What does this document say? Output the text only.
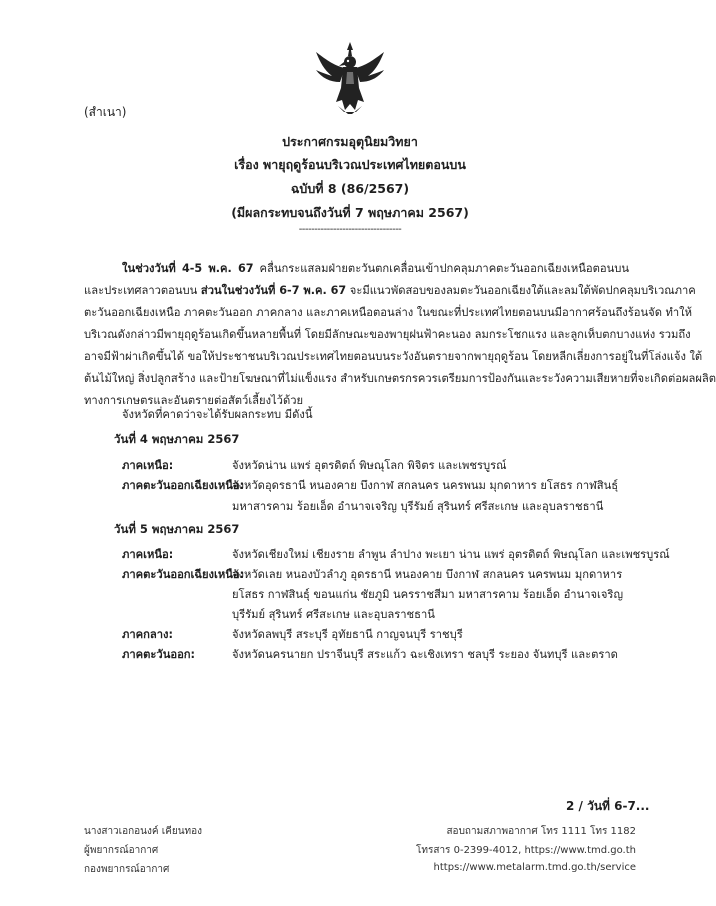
(สำเนา)
ประกาศกรมอุตุนิยมวิทยา
เรื่อง พายุฤดูร้อนบริเวณประเทศไทยตอนบน
ฉบับที่ 8 (86/2567)
(มีผลกระทบจนถึงวันที่ 7 พฤษภาคม 2567)
---------------------------------
ในช่วงวันที่ 4-5 พ.ค. 67 คลื่นกระแสลมฝ่ายตะวันตกเคลื่อนเข้าปกคลุมภาคตะวันออกเฉียงเหนือตอนบน
และประเทศลาวตอนบน ส่วนในช่วงวันที่ 6-7 พ.ค. 67 จะมีแนวพัดสอบของลมตะวันออกเฉียงใต้และลมใต้พัดปกคลุมบริเวณภาค
ตะวันออกเฉียงเหนือ ภาคตะวันออก ภาคกลาง และภาคเหนือตอนล่าง ในขณะที่ประเทศไทยตอนบนมีอากาศร้อนถึงร้อนจัด ทำให้
บริเวณดังกล่าวมีพายุฤดูร้อนเกิดขึ้นหลายพื้นที่ โดยมีลักษณะของพายุฝนฟ้าคะนอง ลมกระโชกแรง และลูกเห็บตกบางแห่ง รวมถึง
อาจมีฟ้าผ่าเกิดขึ้นได้ ขอให้ประชาชนบริเวณประเทศไทยตอนบนระวังอันตรายจากพายุฤดูร้อน โดยหลีกเลี่ยงการอยู่ในที่โล่งแจ้ง ใต้
ต้นไม้ใหญ่ สิ่งปลูกสร้าง และป้ายโฆษณาที่ไม่แข็งแรง สำหรับเกษตรกรควรเตรียมการป้องกันและระวังความเสียหายที่จะเกิดต่อผลผลิต
ทางการเกษตรและอันตรายต่อสัตว์เลี้ยงไว้ด้วย
จังหวัดที่คาดว่าจะได้รับผลกระทบ มีดังนี้
วันที่ 4 พฤษภาคม 2567
ภาคเหนือ:	จังหวัดน่าน แพร่ อุตรดิตถ์ พิษณุโลก พิจิตร และเพชรบูรณ์
ภาคตะวันออกเฉียงเหนือ:
จังหวัดอุดรธานี หนองคาย บึงกาฬ สกลนคร นครพนม มุกดาหาร ยโสธร กาฬสินธุ์
มหาสารคาม ร้อยเอ็ด อำนาจเจริญ บุรีรัมย์ สุรินทร์ ศรีสะเกษ และอุบลราชธานี
วันที่ 5 พฤษภาคม 2567
ภาคเหนือ:	จังหวัดเชียงใหม่ เชียงราย ลำพูน ลำปาง พะเยา น่าน แพร่ อุตรดิตถ์ พิษณุโลก และเพชรบูรณ์
ภาคตะวันออกเฉียงเหนือ:
จังหวัดเลย หนองบัวลำภู อุดรธานี หนองคาย บึงกาฬ สกลนคร นครพนม มุกดาหาร
ยโสธร กาฬสินธุ์ ขอนแก่น ชัยภูมิ นครราชสีมา มหาสารคาม ร้อยเอ็ด อำนาจเจริญ
บุรีรัมย์ สุรินทร์ ศรีสะเกษ และอุบลราชธานี
ภาคกลาง:	จังหวัดลพบุรี สระบุรี อุทัยธานี กาญจนบุรี ราชบุรี
ภาคตะวันออก:	จังหวัดนครนายก ปราจีนบุรี สระแก้ว ฉะเชิงเทรา ชลบุรี ระยอง จันทบุรี และตราด
2 / วันที่ 6-7...
นางสาวเอกอนงค์ เคียนทอง
ผู้พยากรณ์อากาศ
กองพยากรณ์อากาศ
สอบถามสภาพอากาศ โทร 1111 โทร 1182
โทรสาร 0-2399-4012, https://www.tmd.go.th
https://www.metalarm.tmd.go.th/service
